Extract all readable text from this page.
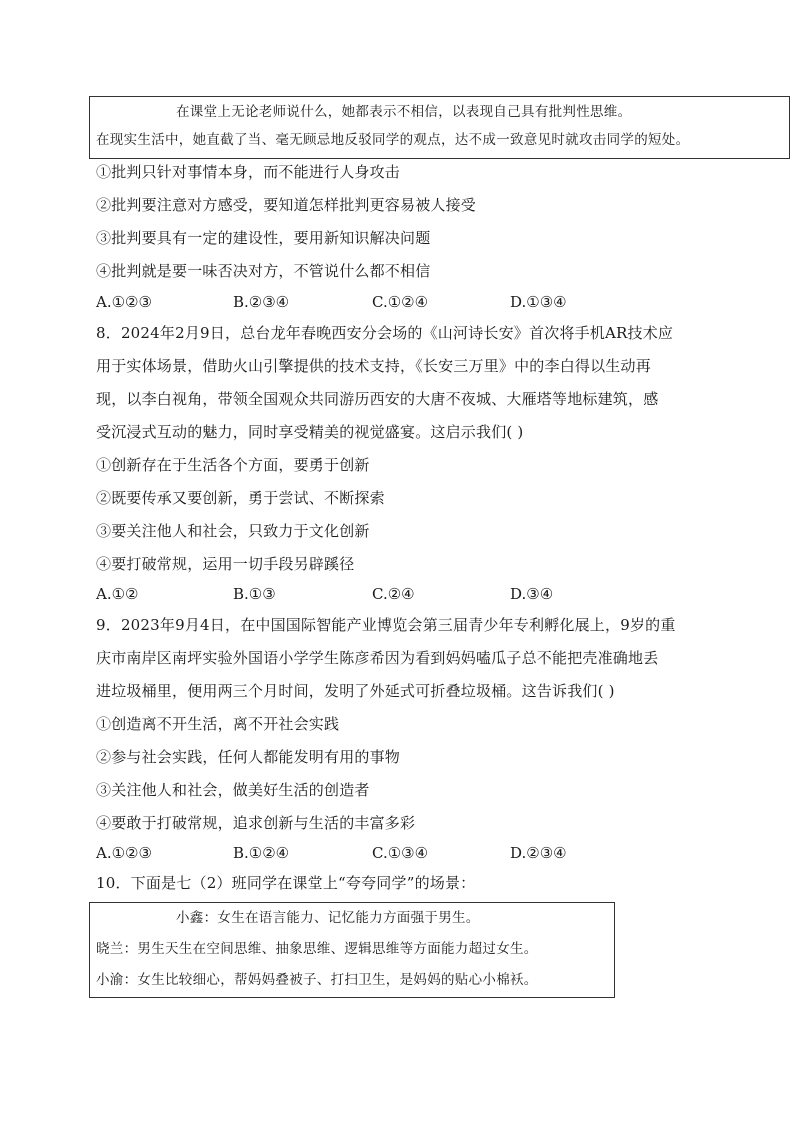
在课堂上无论老师说什么，她都表示不相信，以表现自己具有批判性思维。
在现实生活中，她直截了当、毫无顾忌地反驳同学的观点，达不成一致意见时就攻击同学的短处。
①批判只针对事情本身，而不能进行人身攻击
②批判要注意对方感受，要知道怎样批判更容易被人接受
③批判要具有一定的建设性，要用新知识解决问题
④批判就是要一味否决对方，不管说什么都不相信
A.①②③	B.②③④	C.①②④	D.①③④
8．2024年2月9日，总台龙年春晚西安分会场的《山河诗长安》首次将手机AR技术应
用于实体场景，借助火山引擎提供的技术支持，《长安三万里》中的李白得以生动再
现，以李白视角，带领全国观众共同游历西安的大唐不夜城、大雁塔等地标建筑，感
受沉浸式互动的魅力，同时享受精美的视觉盛宴。这启示我们( )
①创新存在于生活各个方面，要勇于创新
②既要传承又要创新，勇于尝试、不断探索
③要关注他人和社会，只致力于文化创新
④要打破常规，运用一切手段另辟蹊径
A.①②	B.①③	C.②④	D.③④
9．2023年9月4日，在中国国际智能产业博览会第三届青少年专利孵化展上，9岁的重
庆市南岸区南坪实验外国语小学学生陈彦希因为看到妈妈嗑瓜子总不能把壳准确地丢
进垃圾桶里，便用两三个月时间，发明了外延式可折叠垃圾桶。这告诉我们( )
①创造离不开生活，离不开社会实践
②参与社会实践，任何人都能发明有用的事物
③关注他人和社会，做美好生活的创造者
④要敢于打破常规，追求创新与生活的丰富多彩
A.①②③	B.①②④	C.①③④	D.②③④
10．下面是七（2）班同学在课堂上“夸夸同学”的场景：
小鑫：女生在语言能力、记忆能力方面强于男生。
晓兰：男生天生在空间思维、抽象思维、逻辑思维等方面能力超过女生。
小渝：女生比较细心，帮妈妈叠被子、打扫卫生，是妈妈的贴心小棉袄。
